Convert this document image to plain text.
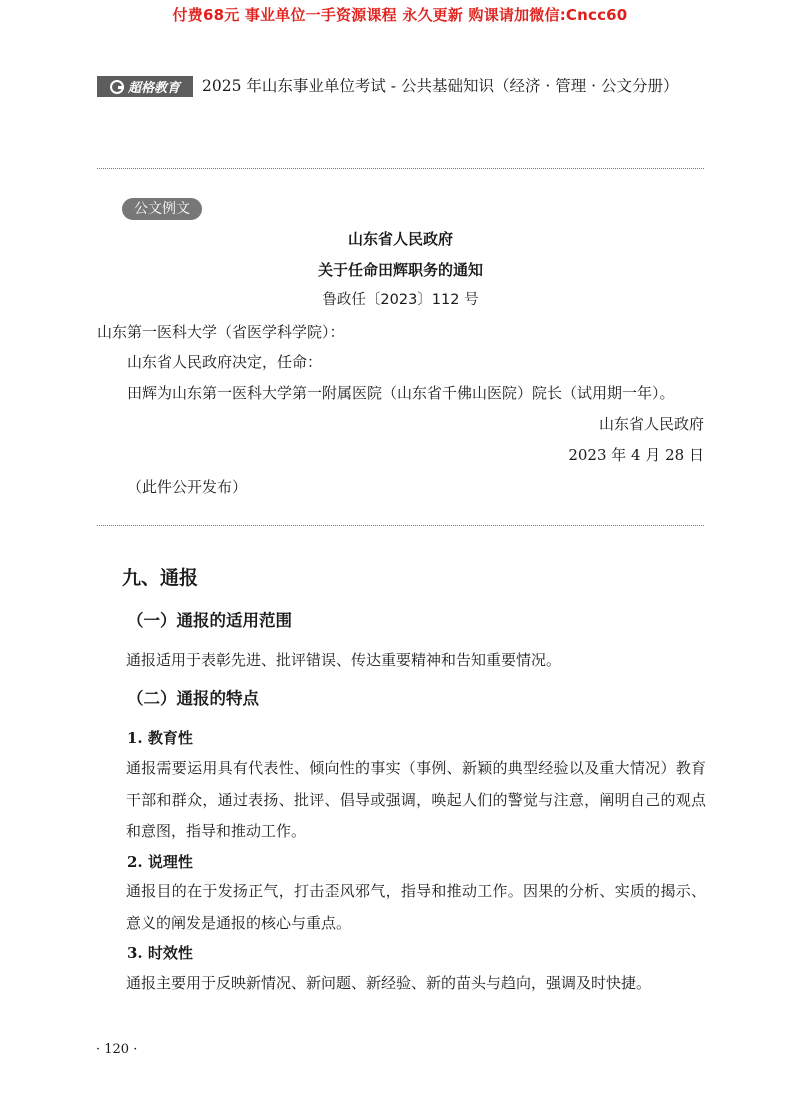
付费68元 事业单位一手资源课程 永久更新 购课请加微信:Cncc60
超格教育 2025 年山东事业单位考试 - 公共基础知识（经济 · 管理 · 公文分册）
公文例文
山东省人民政府
关于任命田辉职务的通知
鲁政任〔2023〕112 号
山东第一医科大学（省医学科学院）：
山东省人民政府决定，任命：
田辉为山东第一医科大学第一附属医院（山东省千佛山医院）院长（试用期一年）。
山东省人民政府
2023 年 4 月 28 日
（此件公开发布）
九、通报
（一）通报的适用范围
通报适用于表彰先进、批评错误、传达重要精神和告知重要情况。
（二）通报的特点
1. 教育性
通报需要运用具有代表性、倾向性的事实（事例、新颖的典型经验以及重大情况）教育干部和群众，通过表扬、批评、倡导或强调，唤起人们的警觉与注意，阐明自己的观点和意图，指导和推动工作。
2. 说理性
通报目的在于发扬正气，打击歪风邪气，指导和推动工作。因果的分析、实质的揭示、意义的阐发是通报的核心与重点。
3. 时效性
通报主要用于反映新情况、新问题、新经验、新的苗头与趋向，强调及时快捷。
· 120 ·
